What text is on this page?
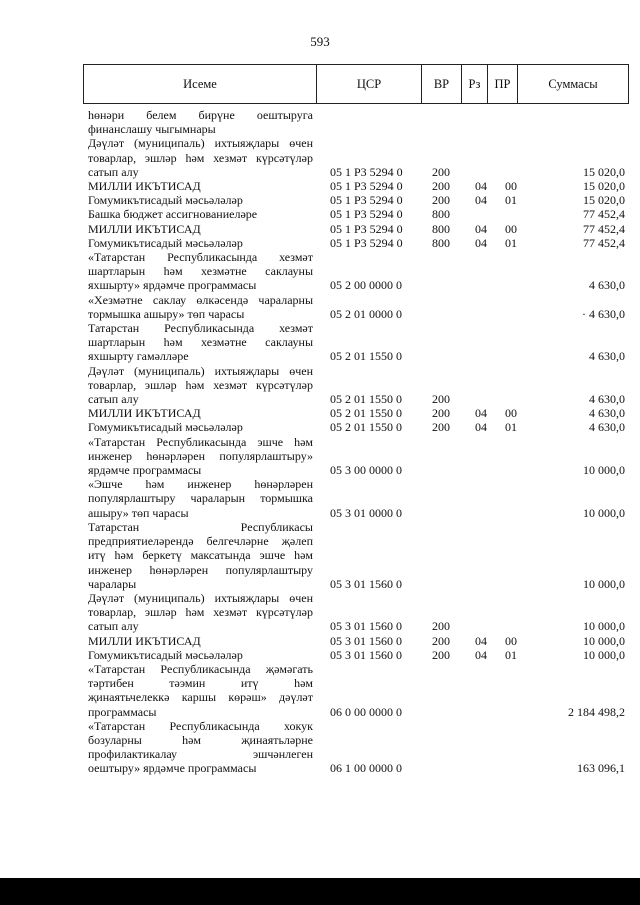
593
Исеме	ЦСР	ВР	Рз	ПР	Суммасы
һөнәри белем бирүне оештыруга
финанслашу чыгымнары
Дәүләт (муниципаль) ихтыяҗлары өчен
товарлар, эшләр һәм хезмәт күрсәтүләр
сатып алу	05 1 Р3 5294 0 200	15 020,0
МИЛЛИ ИКЪТИСАД	05 1 Р3 5294 0 200 04 00	15 020,0
Гомумикътисадый мәсьәләләр	05 1 Р3 5294 0 200 04 01	15 020,0
Башка бюджет ассигнованиеләре	05 1 Р3 5294 0 800	77 452,4
МИЛЛИ ИКЪТИСАД	05 1 Р3 5294 0 800 04 00	77 452,4
Гомумикътисадый мәсьәләләр	05 1 Р3 5294 0 800 04 01	77 452,4
«Татарстан Республикасында хезмәт
шартларын һәм хезмәтне саклауны
яхшырту» ярдәмче программасы	05 2 00 0000 0	4 630,0
«Хезмәтне саклау өлкәсендә чараларны
тормышка ашыру» төп чарасы	05 2 01 0000 0	· 4 630,0
Татарстан Республикасында хезмәт
шартларын һәм хезмәтне саклауны
яхшырту гамәлләре	05 2 01 1550 0	4 630,0
Дәүләт (муниципаль) ихтыяҗлары өчен
товарлар, эшләр һәм хезмәт күрсәтүләр
сатып алу	05 2 01 1550 0	200	4 630,0
МИЛЛИ ИКЪТИСАД	05 2 01 1550 0	200 04 00	4 630,0
Гомумикътисадый мәсьәләләр	05 2 01 1550 0	200 04 01	4 630,0
«Татарстан Республикасында эшче һәм
инженер һөнәрләрен популярлаштыру»
ярдәмче программасы	05 3 00 0000 0	10 000,0
«Эшче һәм инженер һөнәрләрен
популярлаштыру чараларын тормышка
ашыру» төп чарасы	05 3 01 0000 0	10 000,0
Татарстан Республикасы
предприятиеләрендә белгечләрне җәлеп
итү һәм беркетү максатында эшче һәм
инженер һөнәрләрен популярлаштыру
чаралары	05 3 01 1560 0	10 000,0
Дәүләт (муниципаль) ихтыяҗлары өчен
товарлар, эшләр һәм хезмәт күрсәтүләр
сатып алу	05 3 01 1560 0	200	10 000,0
МИЛЛИ ИКЪТИСАД	05 3 01 1560 0	200 04 00	10 000,0
Гомумикътисадый мәсьәләләр	05 3 01 1560 0	200 04 01	10 000,0
«Татарстан Республикасында җәмәгать
тәртибен тәэмин итү һәм
җинаятьчелеккә каршы көрәш» дәүләт
программасы	06 0 00 0000 0	2 184 498,2
«Татарстан Республикасында хокук
бозуларны һәм җинаятьләрне
профилактикалау эшчәнлеген
оештыру» ярдәмче программасы	06 1 00 0000 0	163 096,1
